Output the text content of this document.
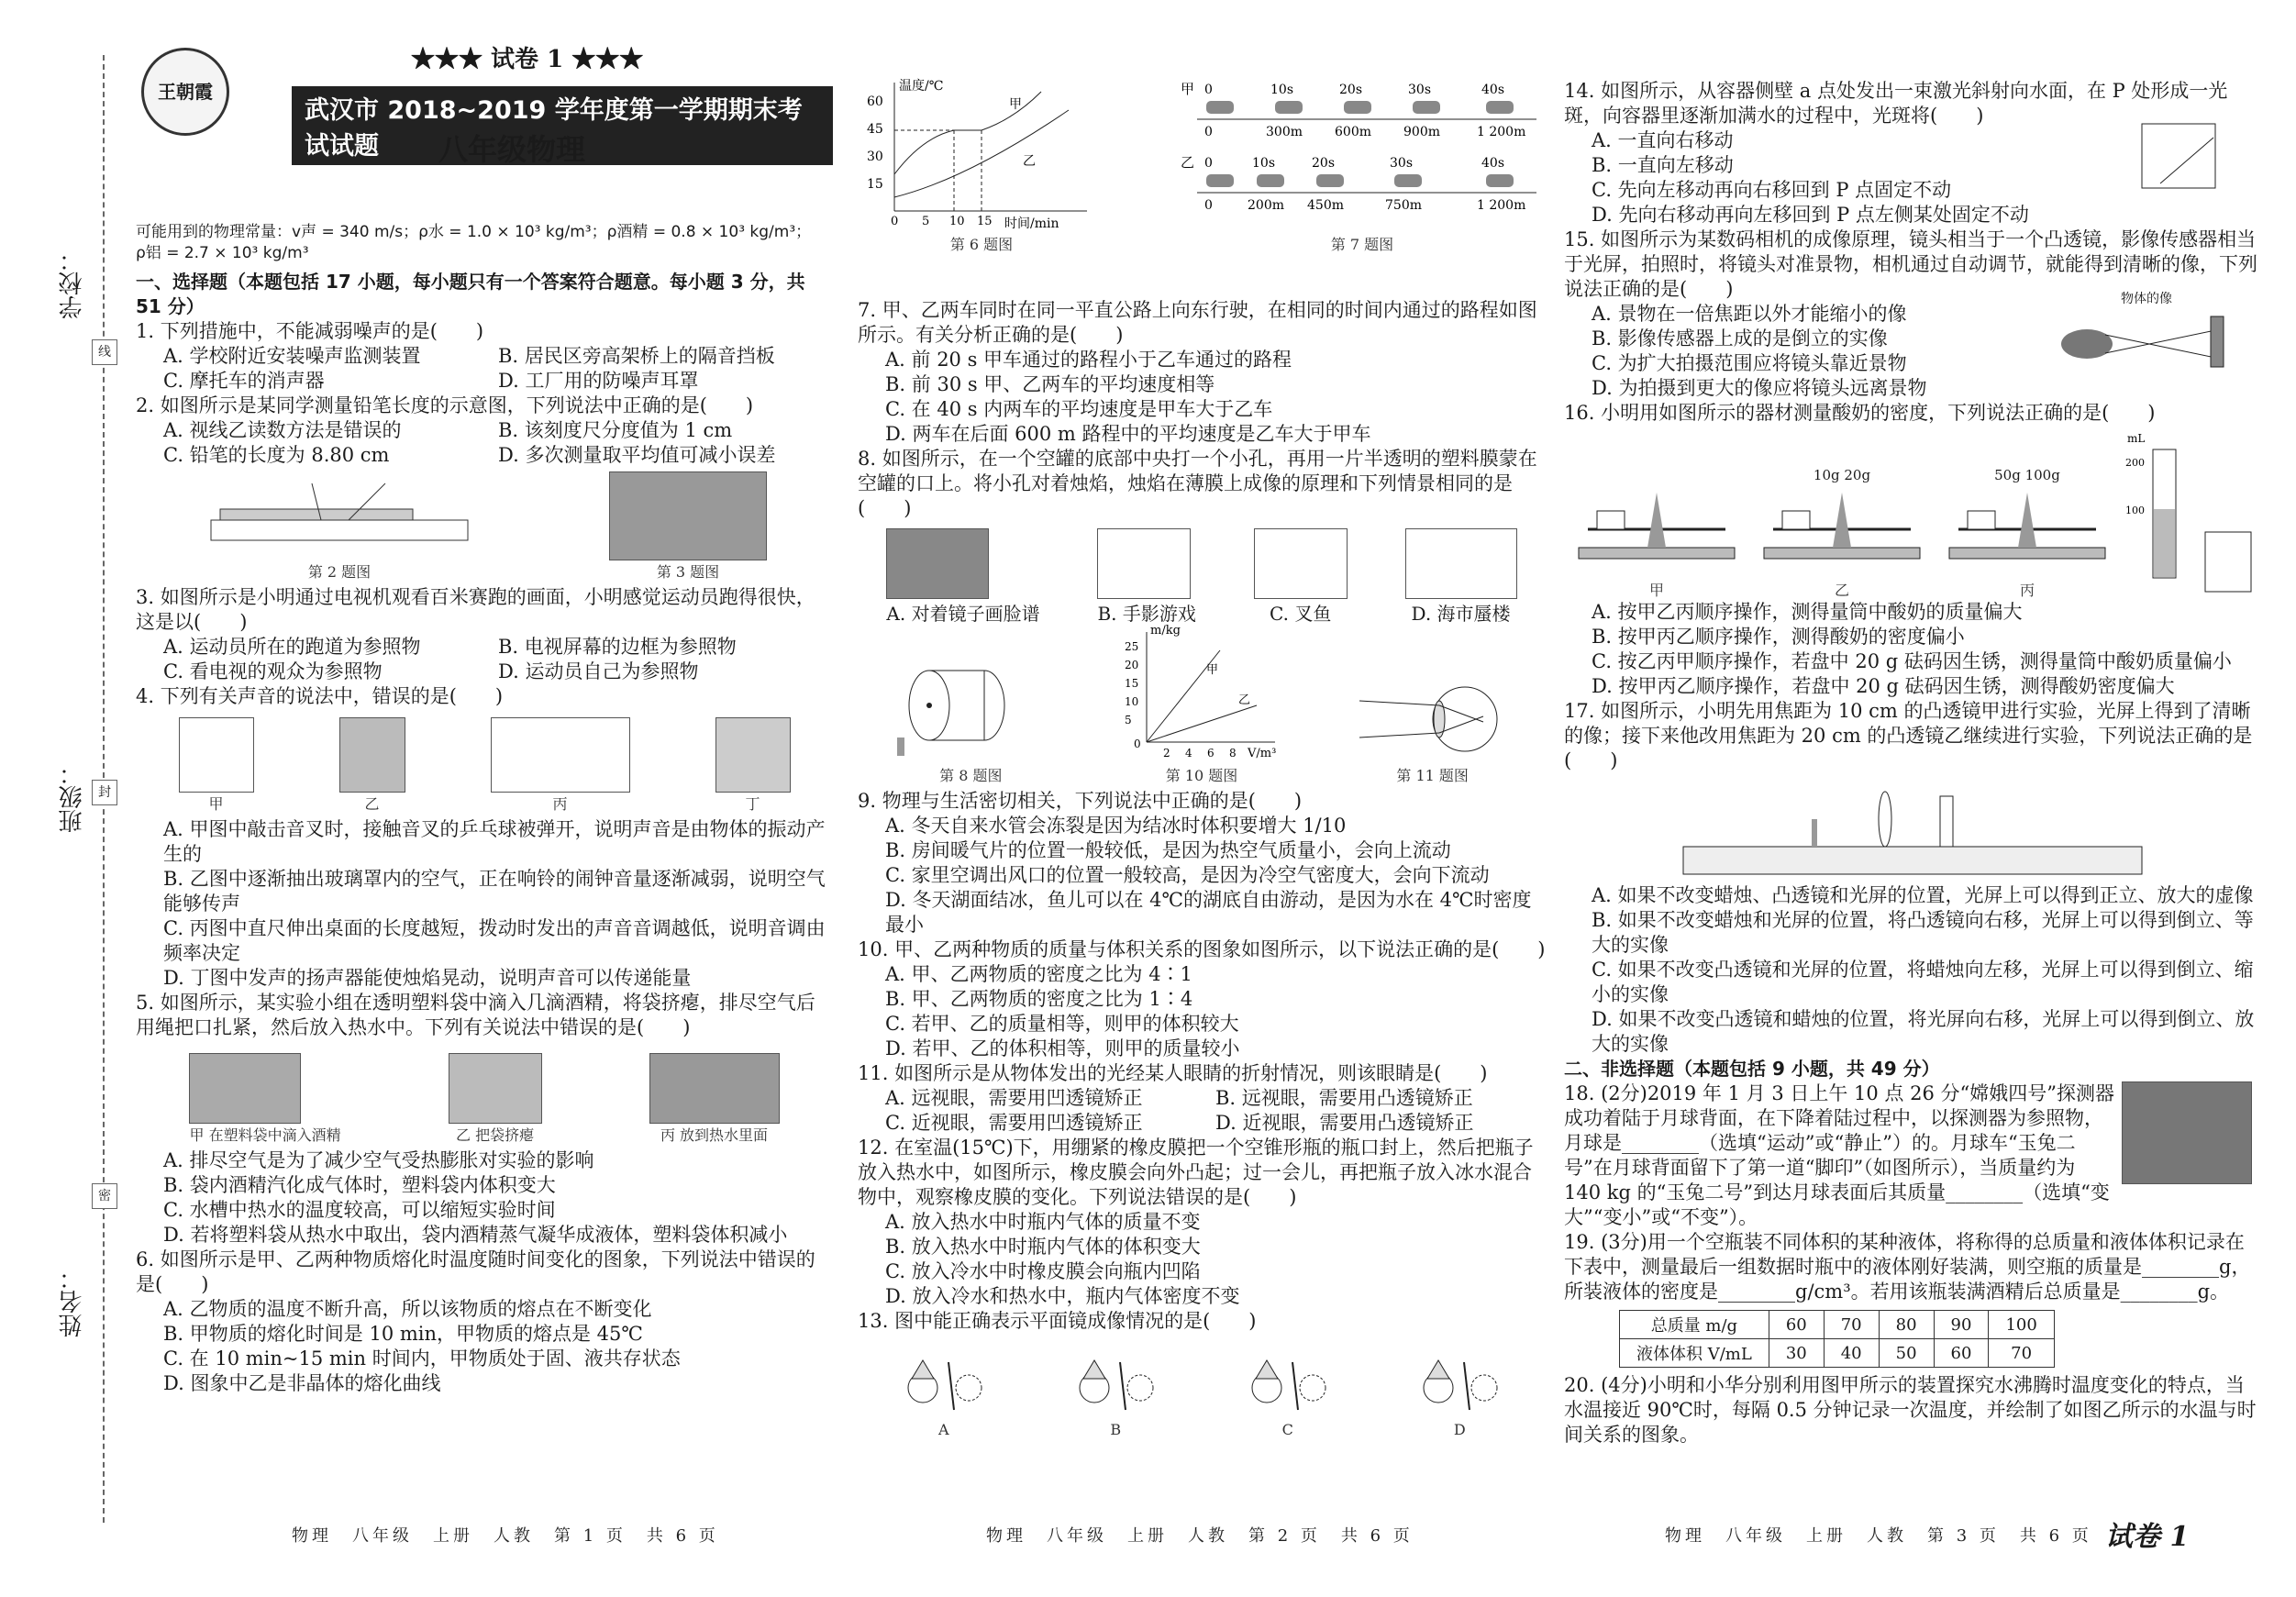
学校：
班级：
姓名：
线
封
密
王朝霞
★★★ 试卷 1 ★★★
武汉市 2018~2019 学年度第一学期期末考试试题	八年级物理

可能用到的物理常量：v声 = 340 m/s；ρ水 = 1.0 × 10³ kg/m³；ρ酒精 = 0.8 × 10³ kg/m³；

ρ铝 = 2.7 × 10³ kg/m³

一、选择题（本题包括 17 小题，每小题只有一个答案符合题意。每小题 3 分，共 51 分）

1. 下列措施中，不能减弱噪声的是(　　)

A. 学校附近安装噪声监测装置	B. 居民区旁高架桥上的隔音挡板
C. 摩托车的消声器	D. 工厂用的防噪声耳罩

2. 如图所示是某同学测量铅笔长度的示意图，下列说法中正确的是(　　)

A. 视线乙读数方法是错误的	B. 该刻度尺分度值为 1 cm
C. 铅笔的长度为 8.80 cm	D. 多次测量取平均值可减小误差
第 2 题图	第 3 题图

3. 如图所示是小明通过电视机观看百米赛跑的画面，小明感觉运动员跑得很快，这是以(　　)

A. 运动员所在的跑道为参照物	B. 电视屏幕的边框为参照物
C. 看电视的观众为参照物	D. 运动员自己为参照物

4. 下列有关声音的说法中，错误的是(　　)

甲	乙	丙	丁

A. 甲图中敲击音叉时，接触音叉的乒乓球被弹开，说明声音是由物体的振动产生的

B. 乙图中逐渐抽出玻璃罩内的空气，正在响铃的闹钟音量逐渐减弱，说明空气能够传声

C. 丙图中直尺伸出桌面的长度越短，拨动时发出的声音音调越低，说明音调由频率决定

D. 丁图中发声的扬声器能使烛焰晃动，说明声音可以传递能量

5. 如图所示，某实验小组在透明塑料袋中滴入几滴酒精，将袋挤瘪，排尽空气后用绳把口扎紧，然后放入热水中。下列有关说法中错误的是(　　)

甲 在塑料袋中滴入酒精	乙 把袋挤瘪	丙 放到热水里面

A. 排尽空气是为了减少空气受热膨胀对实验的影响

B. 袋内酒精汽化成气体时，塑料袋内体积变大

C. 水槽中热水的温度较高，可以缩短实验时间

D. 若将塑料袋从热水中取出，袋内酒精蒸气凝华成液体，塑料袋体积减小

6. 如图所示是甲、乙两种物质熔化时温度随时间变化的图象，下列说法中错误的是(　　)

A. 乙物质的温度不断升高，所以该物质的熔点在不断变化

B. 甲物质的熔化时间是 10 min，甲物质的熔点是 45℃

C. 在 10 min~15 min 时间内，甲物质处于固、液共存状态

D. 图象中乙是非晶体的熔化曲线

物理　八年级　上册　人教　第 1 页　共 6 页
温度/℃
时间/min
60
45
30
15
0 5 10 15
甲
乙
第 6 题图
甲 0	10s	20s	30s	40s
0	300m	600m	900m	1 200m
乙 0	10s	20s	30s	40s
0	200m 450m	750m	1 200m
第 7 题图

7. 甲、乙两车同时在同一平直公路上向东行驶，在相同的时间内通过的路程如图所示。有关分析正确的是(　　)

A. 前 20 s 甲车通过的路程小于乙车通过的路程

B. 前 30 s 甲、乙两车的平均速度相等

C. 在 40 s 内两车的平均速度是甲车大于乙车

D. 两车在后面 600 m 路程中的平均速度是乙车大于甲车

8. 如图所示，在一个空罐的底部中央打一个小孔，再用一片半透明的塑料膜蒙在空罐的口上。将小孔对着烛焰，烛焰在薄膜上成像的原理和下列情景相同的是(　　)

A. 对着镜子画脸谱	B. 手影游戏	C. 叉鱼	D. 海市蜃楼
第 8 题图
m/kg
V/m³
25
20
15
10
5
0
2 4 6 8
甲
乙
第 10 题图	第 11 题图

9. 物理与生活密切相关，下列说法中正确的是(　　)

A. 冬天自来水管会冻裂是因为结冰时体积要增大 1/10

B. 房间暖气片的位置一般较低，是因为热空气质量小，会向上流动

C. 家里空调出风口的位置一般较高，是因为冷空气密度大，会向下流动

D. 冬天湖面结冰，鱼儿可以在 4℃的湖底自由游动，是因为水在 4℃时密度最小

10. 甲、乙两种物质的质量与体积关系的图象如图所示，以下说法正确的是(　　)

A. 甲、乙两物质的密度之比为 4∶1

B. 甲、乙两物质的密度之比为 1∶4

C. 若甲、乙的质量相等，则甲的体积较大

D. 若甲、乙的体积相等，则甲的质量较小

11. 如图所示是从物体发出的光经某人眼睛的折射情况，则该眼睛是(　　)

A. 远视眼，需要用凹透镜矫正	B. 远视眼，需要用凸透镜矫正
C. 近视眼，需要用凹透镜矫正	D. 近视眼，需要用凸透镜矫正

12. 在室温(15℃)下，用绷紧的橡皮膜把一个空锥形瓶的瓶口封上，然后把瓶子放入热水中，如图所示，橡皮膜会向外凸起；过一会儿，再把瓶子放入冰水混合物中，观察橡皮膜的变化。下列说法错误的是(　　)

A. 放入热水中时瓶内气体的质量不变

B. 放入热水中时瓶内气体的体积变大

C. 放入冷水中时橡皮膜会向瓶内凹陷

D. 放入冷水和热水中，瓶内气体密度不变

13. 图中能正确表示平面镜成像情况的是(　　)

A	B	C	D
物理　八年级　上册　人教　第 2 页　共 6 页

14. 如图所示，从容器侧壁 a 点处发出一束激光斜射向水面，在 P 处形成一光斑，向容器里逐渐加满水的过程中，光斑将(　　)

A. 一直向右移动

B. 一直向左移动

C. 先向左移动再向右移回到 P 点固定不动

D. 先向右移动再向左移回到 P 点左侧某处固定不动

15. 如图所示为某数码相机的成像原理，镜头相当于一个凸透镜，影像传感器相当于光屏，拍照时，将镜头对准景物，相机通过自动调节，就能得到清晰的像，下列说法正确的是(　　)

A. 景物在一倍焦距以外才能缩小的像

B. 影像传感器上成的是倒立的实像

C. 为扩大拍摄范围应将镜头靠近景物

D. 为拍摄到更大的像应将镜头远离景物

物体的像

16. 小明用如图所示的器材测量酸奶的密度，下列说法正确的是(　　)

甲
10g 20g
乙
50g 100g
丙
mL
200
100

A. 按甲乙丙顺序操作，测得量筒中酸奶的质量偏大

B. 按甲丙乙顺序操作，测得酸奶的密度偏小

C. 按乙丙甲顺序操作，若盘中 20 g 砝码因生锈，测得量筒中酸奶质量偏小

D. 按甲丙乙顺序操作，若盘中 20 g 砝码因生锈，测得酸奶密度偏大

17. 如图所示，小明先用焦距为 10 cm 的凸透镜甲进行实验，光屏上得到了清晰的像；接下来他改用焦距为 20 cm 的凸透镜乙继续进行实验，下列说法正确的是(　　)

A. 如果不改变蜡烛、凸透镜和光屏的位置，光屏上可以得到正立、放大的虚像

B. 如果不改变蜡烛和光屏的位置，将凸透镜向右移，光屏上可以得到倒立、等大的实像

C. 如果不改变凸透镜和光屏的位置，将蜡烛向左移，光屏上可以得到倒立、缩小的实像

D. 如果不改变凸透镜和蜡烛的位置，将光屏向右移，光屏上可以得到倒立、放大的实像

二、非选择题（本题包括 9 小题，共 49 分）

18. (2分)2019 年 1 月 3 日上午 10 点 26 分“嫦娥四号”探测器成功着陆于月球背面，在下降着陆过程中，以探测器为参照物，月球是________（选填“运动”或“静止”）的。月球车“玉兔二号”在月球背面留下了第一道“脚印”（如图所示），当质量约为 140 kg 的“玉兔二号”到达月球表面后其质量________（选填“变大”“变小”或“不变”）。

19. (3分)用一个空瓶装不同体积的某种液体，将称得的总质量和液体体积记录在下表中，测量最后一组数据时瓶中的液体刚好装满，则空瓶的质量是________g，所装液体的密度是________g/cm³。若用该瓶装满酒精后总质量是________g。

总质量 m/g	60	70	80	90	100
液体体积 V/mL	30	40	50	60	70

20. (4分)小明和小华分别利用图甲所示的装置探究水沸腾时温度变化的特点，当水温接近 90℃时，每隔 0.5 分钟记录一次温度，并绘制了如图乙所示的水温与时间关系的图象。

物理　八年级　上册　人教　第 3 页　共 6 页 试卷 1
